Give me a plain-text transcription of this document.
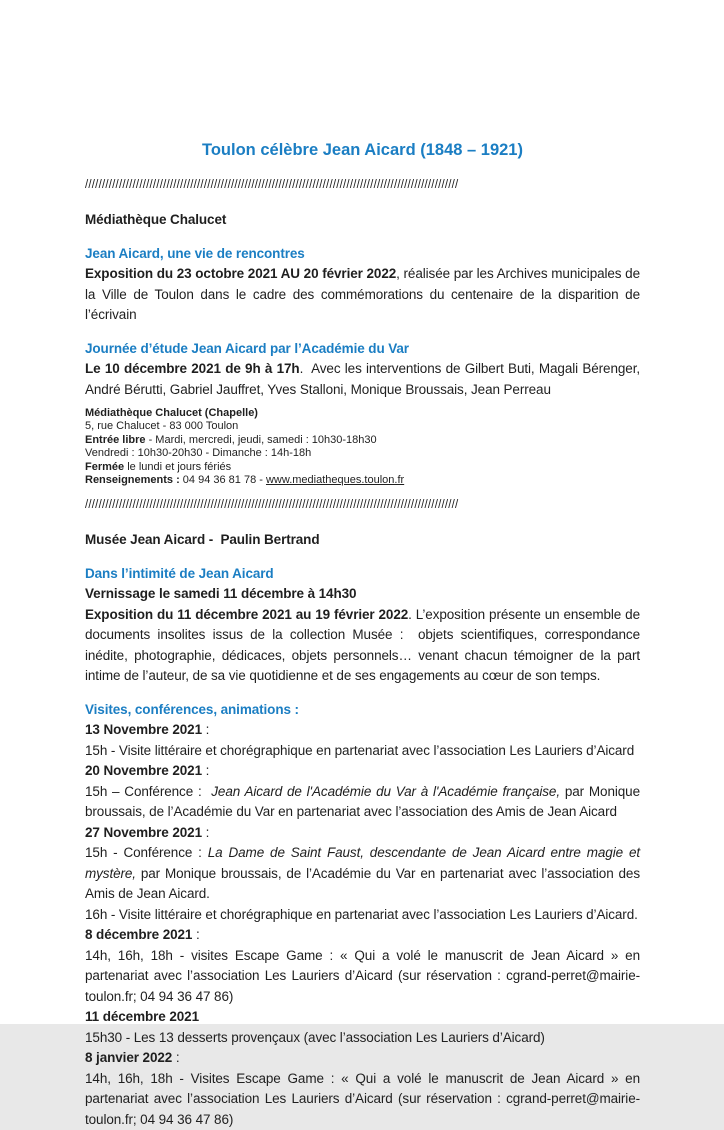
Toulon célèbre Jean Aicard (1848 – 1921)
//////////////////////////////////////////////////////////////////////////////////////////////////////////////
Médiathèque Chalucet
Jean Aicard, une vie de rencontres
Exposition du 23 octobre 2021 AU 20 février 2022, réalisée par les Archives municipales de la Ville de Toulon dans le cadre des commémorations du centenaire de la disparition de l’écrivain
Journée d’étude Jean Aicard par l’Académie du Var
Le 10 décembre 2021 de 9h à 17h.  Avec les interventions de Gilbert Buti, Magali Bérenger, André Bérutti, Gabriel Jauffret, Yves Stalloni, Monique Broussais, Jean Perreau
Médiathèque Chalucet (Chapelle)
5, rue Chalucet - 83 000 Toulon
Entrée libre - Mardi, mercredi, jeudi, samedi : 10h30-18h30
Vendredi : 10h30-20h30 - Dimanche : 14h-18h
Fermée le lundi et jours fériés
Renseignements : 04 94 36 81 78 - www.mediatheques.toulon.fr
//////////////////////////////////////////////////////////////////////////////////////////////////////////////
Musée Jean Aicard -  Paulin Bertrand
Dans l’intimité de Jean Aicard
Vernissage le samedi 11 décembre à 14h30
Exposition du 11 décembre 2021 au 19 février 2022. L’exposition présente un ensemble de documents insolites issus de la collection Musée :  objets scientifiques, correspondance inédite, photographie, dédicaces, objets personnels… venant chacun témoigner de la part intime de l’auteur, de sa vie quotidienne et de ses engagements au cœur de son temps.
Visites, conférences, animations :
13 Novembre 2021 :
15h - Visite littéraire et chorégraphique en partenariat avec l’association Les Lauriers d’Aicard
20 Novembre 2021 :
15h – Conférence :  Jean Aicard de l'Académie du Var à l'Académie française, par Monique broussais, de l’Académie du Var en partenariat avec l’association des Amis de Jean Aicard
27 Novembre 2021 :
15h - Conférence : La Dame de Saint Faust, descendante de Jean Aicard entre magie et mystère, par Monique broussais, de l’Académie du Var en partenariat avec l’association des Amis de Jean Aicard.
16h - Visite littéraire et chorégraphique en partenariat avec l’association Les Lauriers d’Aicard.
8 décembre 2021 :
14h, 16h, 18h - visites Escape Game : « Qui a volé le manuscrit de Jean Aicard » en partenariat avec l’association Les Lauriers d’Aicard (sur réservation : cgrand-perret@mairie-toulon.fr; 04 94 36 47 86)
11 décembre 2021
15h30 - Les 13 desserts provençaux (avec l’association Les Lauriers d’Aicard)
8 janvier 2022 :
14h, 16h, 18h - Visites Escape Game : « Qui a volé le manuscrit de Jean Aicard » en partenariat avec l’association Les Lauriers d’Aicard (sur réservation : cgrand-perret@mairie-toulon.fr; 04 94 36 47 86)
